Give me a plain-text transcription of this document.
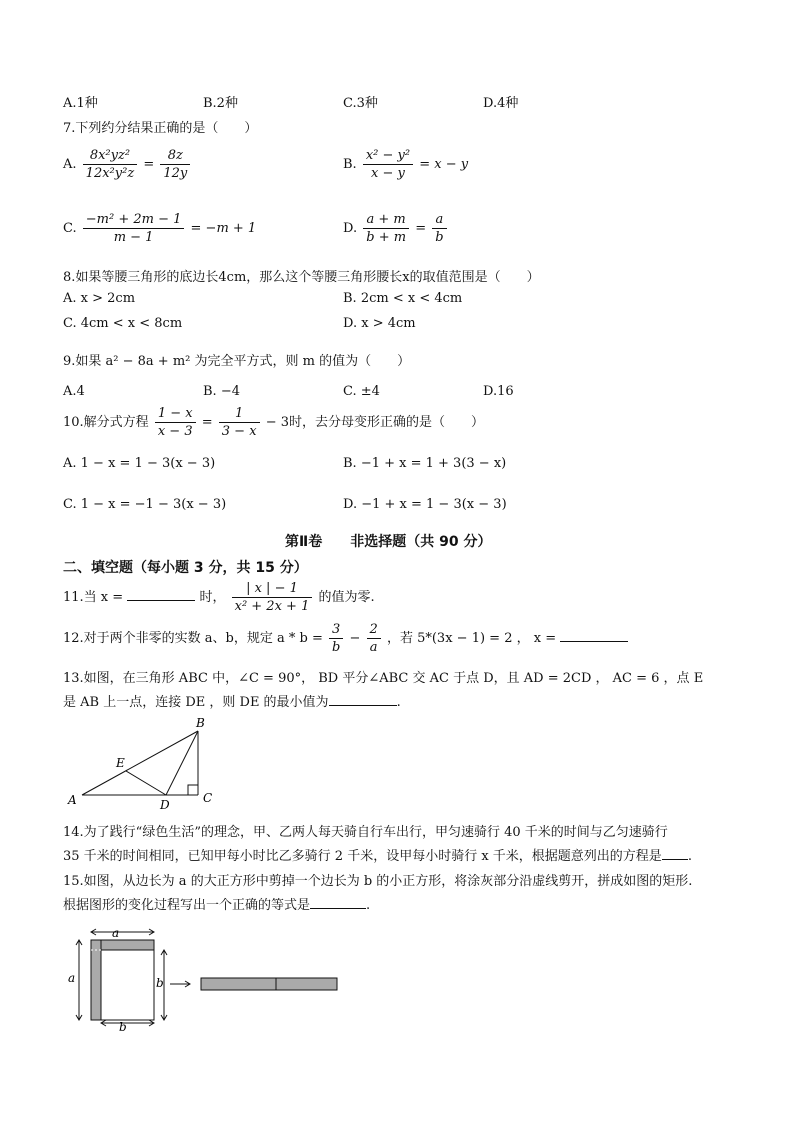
A.1种	B.2种	C.3种	D.4种
7.下列约分结果正确的是（　　）
A. $\frac{\text{8x²yz²}}{\text{12x²y²z}} = \frac{8z}{12y}$	B. $\frac{\text{x² − y²}}{x - y} = x - y$
C. $\frac{\text{−m² + 2m − 1}}{m - 1} = -m + 1$	D. $\frac{a + m}{b + m} = \frac{a}{b}$
8.如果等腰三角形的底边长4cm，那么这个等腰三角形腰长x的取值范围是（　　）
A. x > 2cm	B. 2cm < x < 4cm
C. 4cm < x < 8cm	D. x > 4cm
9.如果 a² − 8a + m² 为完全平方式，则 m 的值为（　　）
A.4	B. −4	C. ±4	D.16
10.解分式方程 $\frac{1 - x}{x - 3} = \frac{1}{3 - x} - 3$时，去分母变形正确的是（　　）
A. 1 − x = 1 − 3(x − 3)	B. −1 + x = 1 + 3(3 − x)
C. 1 − x = −1 − 3(x − 3)	D. −1 + x = 1 − 3(x − 3)
第Ⅱ卷　　非选择题（共 90 分）
二、填空题（每小题 3 分，共 15 分）
11.当 x =	时， $\frac{| x | - 1}{\text{x² + 2x + 1}}$ 的值为零.
12.对于两个非零的实数 a、b，规定 $a * b = \frac{3}{b} - \frac{2}{a}$ ，若 5*(3x − 1) = 2 ， x =
13.如图，在三角形 ABC 中，∠C = 90°， BD 平分∠ABC 交 AC 于点 D，且 AD = 2CD ， AC = 6 ，点 E
是 AB 上一点，连接 DE ，则 DE 的最小值为	.
A
B
C
D
E
14.为了践行“绿色生活”的理念，甲、乙两人每天骑自行车出行，甲匀速骑行 40 千米的时间与乙匀速骑行
35 千米的时间相同，已知甲每小时比乙多骑行 2 千米，设甲每小时骑行 x 千米，根据题意列出的方程是 .
15.如图，从边长为 a 的大正方形中剪掉一个边长为 b 的小正方形，将涂灰部分沿虚线剪开，拼成如图的矩形.
根据图形的变化过程写出一个正确的等式是	.
a
a	b
b
